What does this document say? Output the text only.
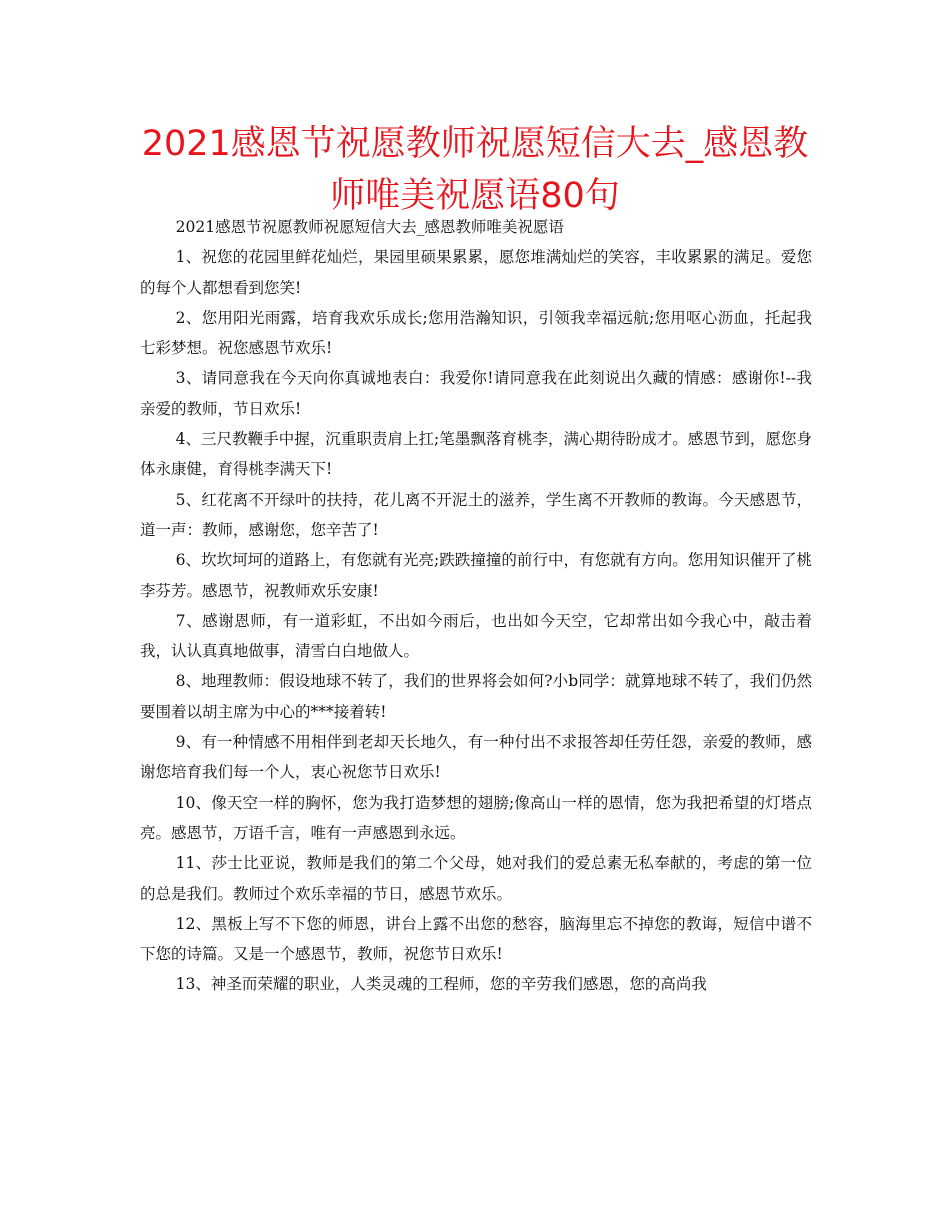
2021感恩节祝愿教师祝愿短信大去_感恩教师唯美祝愿语80句

2021感恩节祝愿教师祝愿短信大去_感恩教师唯美祝愿语

1、祝您的花园里鲜花灿烂，果园里硕果累累，愿您堆满灿烂的笑容，丰收累累的满足。爱您的每个人都想看到您笑!

2、您用阳光雨露，培育我欢乐成长;您用浩瀚知识，引领我幸福远航;您用呕心沥血，托起我七彩梦想。祝您感恩节欢乐!

3、请同意我在今天向你真诚地表白：我爱你!请同意我在此刻说出久藏的情感：感谢你!--我亲爱的教师，节日欢乐!

4、三尺教鞭手中握，沉重职责肩上扛;笔墨飘落育桃李，满心期待盼成才。感恩节到，愿您身体永康健，育得桃李满天下!

5、红花离不开绿叶的扶持，花儿离不开泥土的滋养，学生离不开教师的教诲。今天感恩节，道一声：教师，感谢您，您辛苦了!

6、坎坎坷坷的道路上，有您就有光亮;跌跌撞撞的前行中，有您就有方向。您用知识催开了桃李芬芳。感恩节，祝教师欢乐安康!

7、感谢恩师，有一道彩虹，不出如今雨后，也出如今天空，它却常出如今我心中，敲击着我，认认真真地做事，清雪白白地做人。

8、地理教师：假设地球不转了，我们的世界将会如何?小b同学：就算地球不转了，我们仍然要围着以胡主席为中心的***接着转!

9、有一种情感不用相伴到老却天长地久，有一种付出不求报答却任劳任怨，亲爱的教师，感谢您培育我们每一个人，衷心祝您节日欢乐!

10、像天空一样的胸怀，您为我打造梦想的翅膀;像高山一样的恩情，您为我把希望的灯塔点亮。感恩节，万语千言，唯有一声感恩到永远。

11、莎士比亚说，教师是我们的第二个父母，她对我们的爱总素无私奉献的，考虑的第一位的总是我们。教师过个欢乐幸福的节日，感恩节欢乐。

12、黑板上写不下您的师恩，讲台上露不出您的愁容，脑海里忘不掉您的教诲，短信中谱不下您的诗篇。又是一个感恩节，教师，祝您节日欢乐!

13、神圣而荣耀的职业，人类灵魂的工程师，您的辛劳我们感恩，您的高尚我
